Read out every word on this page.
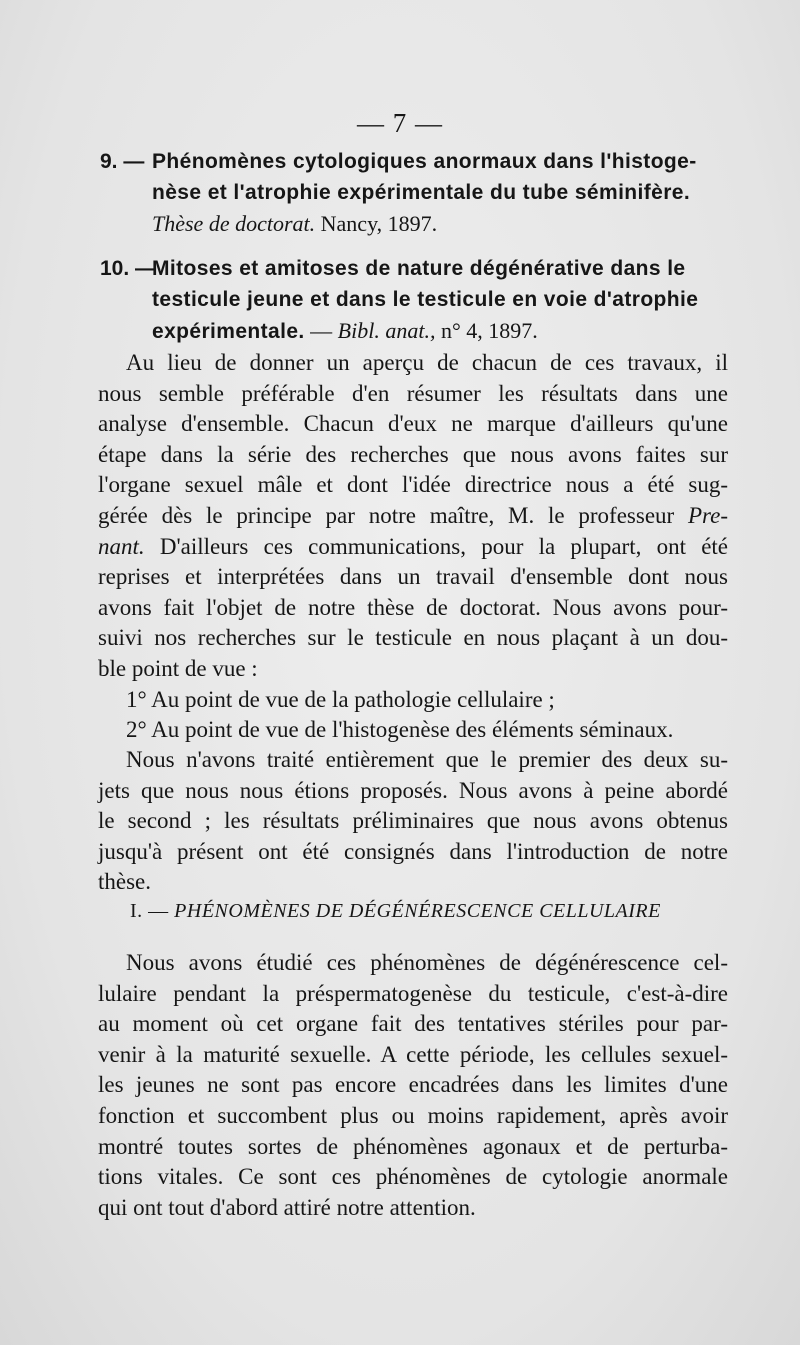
— 7 —
9. — Phénomènes cytologiques anormaux dans l'histoge-
nèse et l'atrophie expérimentale du tube séminifère.
Thèse de doctorat. Nancy, 1897.
10. —
Mitoses et amitoses de nature dégénérative dans le
testicule jeune et dans le testicule en voie d'atrophie
expérimentale. — Bibl. anat., n° 4, 1897.
Au lieu de donner un aperçu de chacun de ces travaux, il
nous semble préférable d'en résumer les résultats dans une
analyse d'ensemble. Chacun d'eux ne marque d'ailleurs qu'une
étape dans la série des recherches que nous avons faites sur
l'organe sexuel mâle et dont l'idée directrice nous a été sug-
gérée dès le principe par notre maître, M. le professeur Pre-
nant. D'ailleurs ces communications, pour la plupart, ont été
reprises et interprétées dans un travail d'ensemble dont nous
avons fait l'objet de notre thèse de doctorat. Nous avons pour-
suivi nos recherches sur le testicule en nous plaçant à un dou-
ble point de vue :
1° Au point de vue de la pathologie cellulaire ;
2° Au point de vue de l'histogenèse des éléments séminaux.
Nous n'avons traité entièrement que le premier des deux su-
jets que nous nous étions proposés. Nous avons à peine abordé
le second ; les résultats préliminaires que nous avons obtenus
jusqu'à présent ont été consignés dans l'introduction de notre
thèse.
I. — PHÉNOMÈNES DE DÉGÉNÉRESCENCE CELLULAIRE
Nous avons étudié ces phénomènes de dégénérescence cel-
lulaire pendant la préspermatogenèse du testicule, c'est-à-dire
au moment où cet organe fait des tentatives stériles pour par-
venir à la maturité sexuelle. A cette période, les cellules sexuel-
les jeunes ne sont pas encore encadrées dans les limites d'une
fonction et succombent plus ou moins rapidement, après avoir
montré toutes sortes de phénomènes agonaux et de perturba-
tions vitales. Ce sont ces phénomènes de cytologie anormale
qui ont tout d'abord attiré notre attention.
